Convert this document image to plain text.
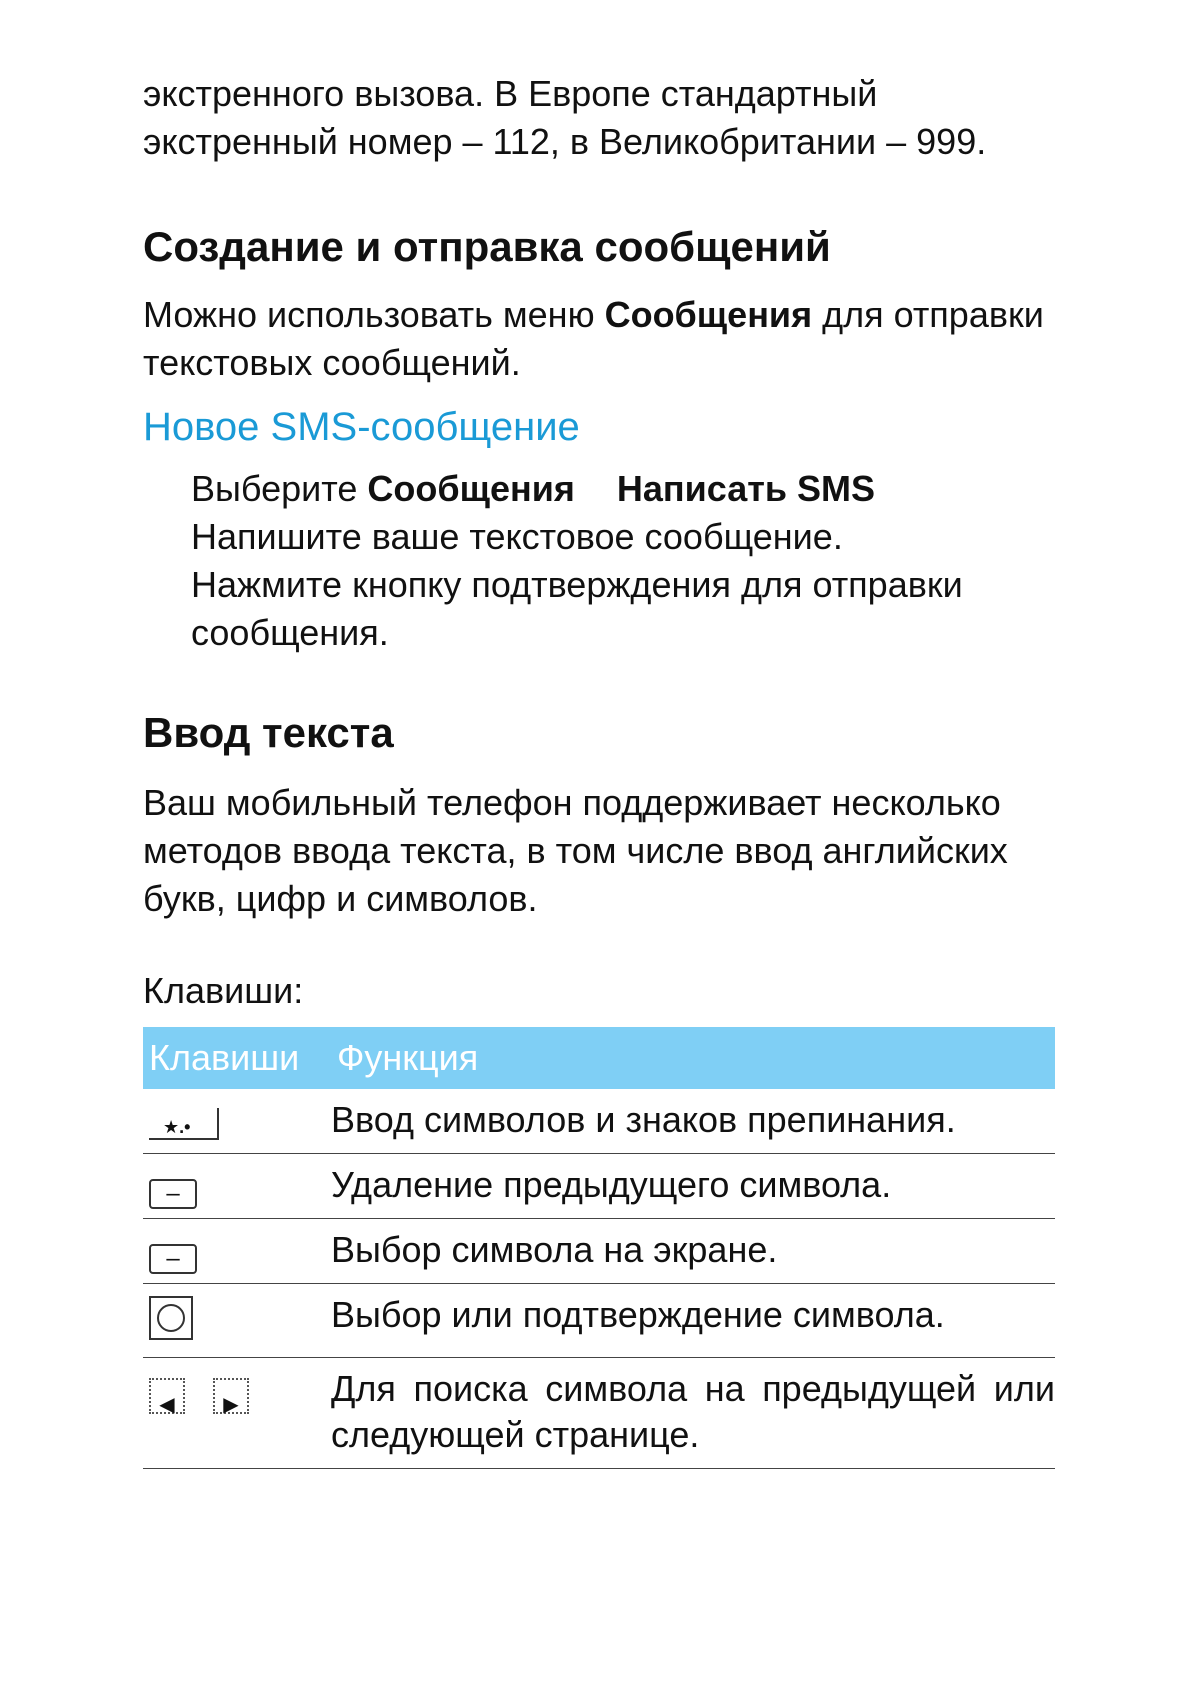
экстренного вызова. В Европе стандартный
экстренный номер – 112, в Великобритании – 999.

Создание и отправка сообщений

Можно использовать меню Сообщения для отправки
текстовых сообщений.

Новое SMS-сообщение

Выберите Сообщения Написать SMS

Напишите ваше текстовое сообщение.

Нажмите кнопку подтверждения для отправки
сообщения.

Ввод текста

Ваш мобильный телефон поддерживает несколько
методов ввода текста, в том числе ввод английских
букв, цифр и символов.

Клавиши:

Клавиши	Функция

★.•	Ввод символов и знаков препинания.

–	Удаление предыдущего символа.

–	Выбор символа на экране.

	Выбор или подтверждение символа.

◀ ▶	Для поиска символа на предыдущей или следующей странице.
